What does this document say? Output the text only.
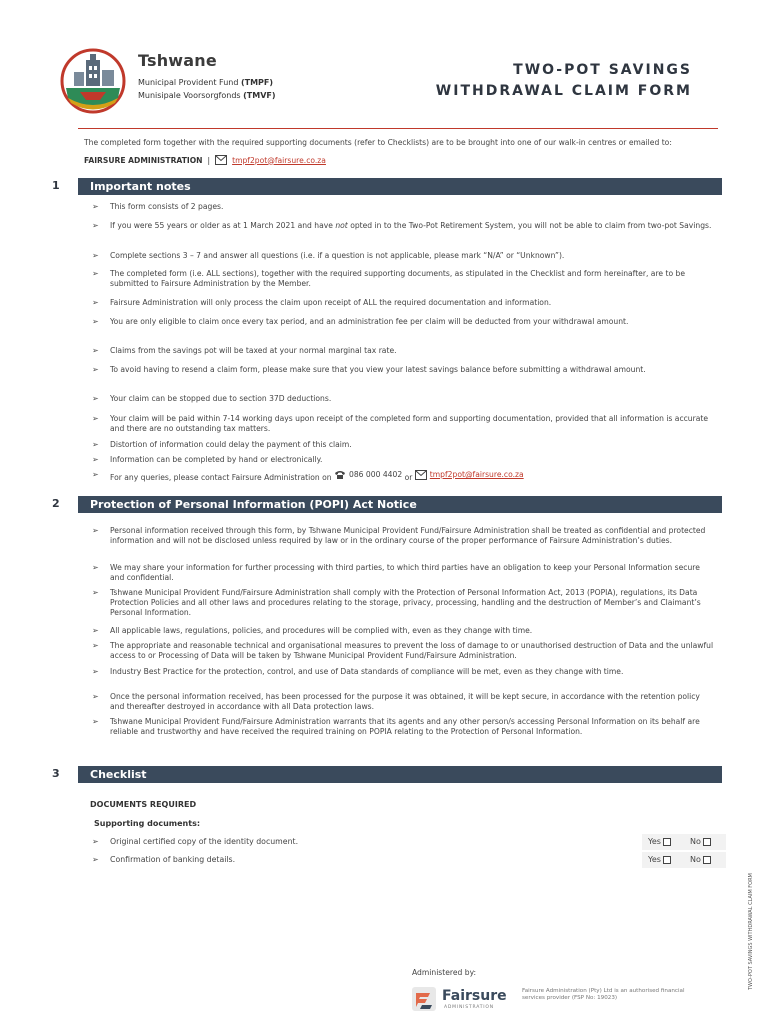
Tshwane
Municipal Provident Fund (TMPF)
Munisipale Voorsorgfonds (TMVF)
TWO-POT SAVINGS
WITHDRAWAL CLAIM FORM
The completed form together with the required supporting documents (refer to Checklists) are to be brought into one of our walk-in centres or emailed to:
FAIRSURE ADMINISTRATION |	tmpf2pot@fairsure.co.za
1	Important notes
➢ This form consists of 2 pages.
➢ If you were 55 years or older as at 1 March 2021 and have not opted in to the Two-Pot Retirement System, you will not be able to claim from two-pot Savings.
➢ Complete sections 3 – 7 and answer all questions (i.e. if a question is not applicable, please mark “N/A” or “Unknown”).
➢ The completed form (i.e. ALL sections), together with the required supporting documents, as stipulated in the Checklist and form hereinafter, are to be submitted to Fairsure Administration by the Member.
➢ Fairsure Administration will only process the claim upon receipt of ALL the required documentation and information.
➢ You are only eligible to claim once every tax period, and an administration fee per claim will be deducted from your withdrawal amount.
➢ Claims from the savings pot will be taxed at your normal marginal tax rate.
➢ To avoid having to resend a claim form, please make sure that you view your latest savings balance before submitting a withdrawal amount.
➢ Your claim can be stopped due to section 37D deductions.
➢ Your claim will be paid within 7-14 working days upon receipt of the completed form and supporting documentation, provided that all information is accurate and there are no outstanding tax matters.
➢ Distortion of information could delay the payment of this claim.
➢ Information can be completed by hand or electronically.
➢ For any queries, please contact Fairsure Administration on 086 000 4402 or tmpf2pot@fairsure.co.za
2	Protection of Personal Information (POPI) Act Notice
➢ Personal information received through this form, by Tshwane Municipal Provident Fund/Fairsure Administration shall be treated as confidential and protected information and will not be disclosed unless required by law or in the ordinary course of the proper performance of Fairsure Administration’s duties.
➢ We may share your information for further processing with third parties, to which third parties have an obligation to keep your Personal Information secure and confidential.
➢ Tshwane Municipal Provident Fund/Fairsure Administration shall comply with the Protection of Personal Information Act, 2013 (POPIA), regulations, its Data Protection Policies and all other laws and procedures relating to the storage, privacy, processing, handling and the destruction of Member’s and Claimant’s Personal Information.
➢ All applicable laws, regulations, policies, and procedures will be complied with, even as they change with time.
➢ The appropriate and reasonable technical and organisational measures to prevent the loss of damage to or unauthorised destruction of Data and the unlawful access to or Processing of Data will be taken by Tshwane Municipal Provident Fund/Fairsure Administration.
➢ Industry Best Practice for the protection, control, and use of Data standards of compliance will be met, even as they change with time.
➢ Once the personal information received, has been processed for the purpose it was obtained, it will be kept secure, in accordance with the retention policy and thereafter destroyed in accordance with all Data protection laws.
➢ Tshwane Municipal Provident Fund/Fairsure Administration warrants that its agents and any other person/s accessing Personal Information on its behalf are reliable and trustworthy and have received the required training on POPIA relating to the Protection of Personal Information.
3	Checklist
DOCUMENTS REQUIRED
Supporting documents:
➢ Original certified copy of the identity document.	Yes	No
➢ Confirmation of banking details.	Yes	No
TWO-POT SAVINGS WITHDRAWAL CLAIM FORM
Administered by:
Fairsure
ADMINISTRATION
Fairsure Administration (Pty) Ltd is an authorised financial services provider (FSP No: 19023)
